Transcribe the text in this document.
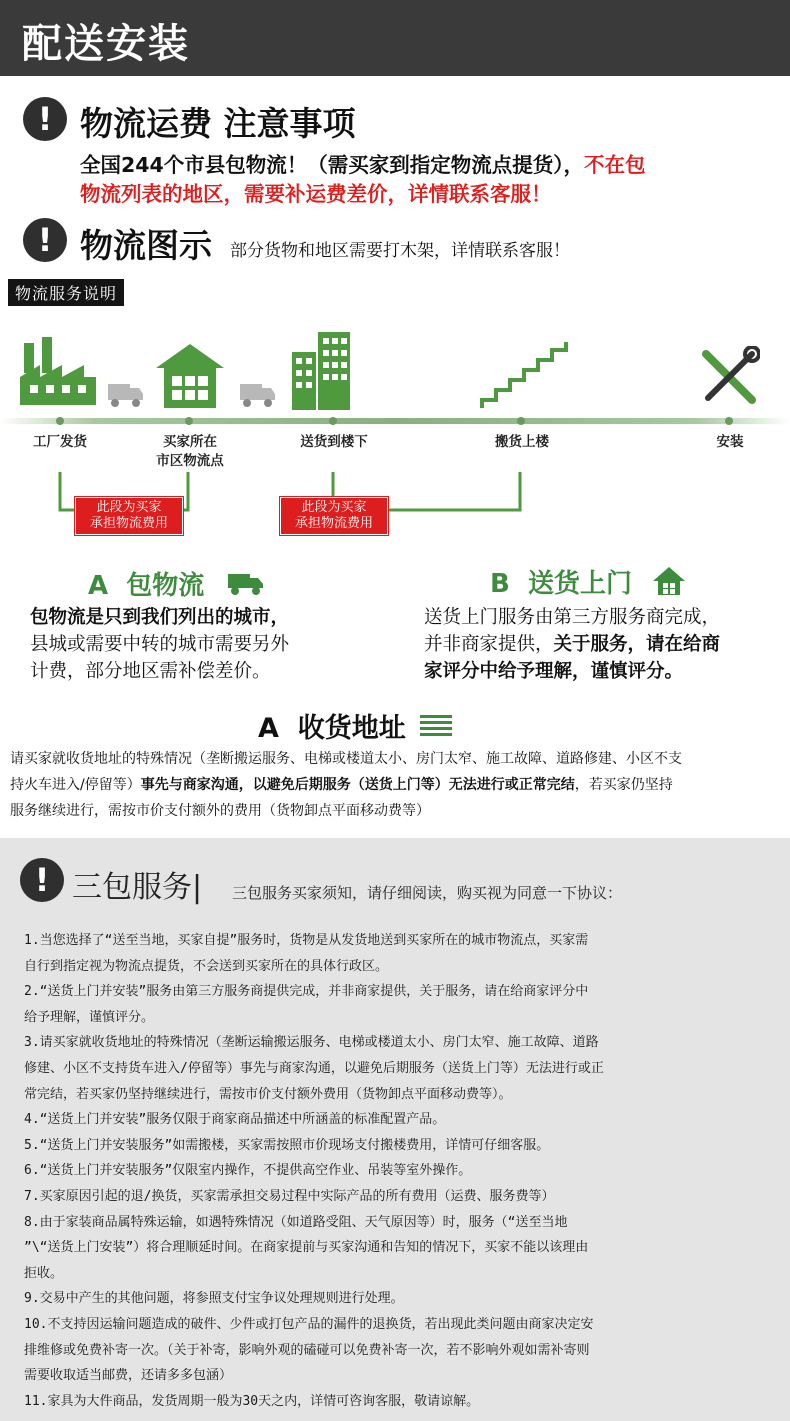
配送安装
! 物流运费 注意事项
全国244个市县包物流！（需买家到指定物流点提货），不在包
物流列表的地区，需要补运费差价，详情联系客服！
! 物流图示 部分货物和地区需要打木架，详情联系客服！
物流服务说明
工厂发货	买家所在
市区物流点
送货到楼下	搬货上楼	安装
此段为买家
承担物流费用
此段为买家
承担物流费用
A 包物流
包物流是只到我们列出的城市，
县城或需要中转的城市需要另外
计费，部分地区需补偿差价。
B 送货上门
送货上门服务由第三方服务商完成，
并非商家提供，关于服务，请在给商
家评分中给予理解，谨慎评分。
A 收货地址
请买家就收货地址的特殊情况（垄断搬运服务、电梯或楼道太小、房门太窄、施工故障、道路修建、小区不支
持火车进入/停留等）事先与商家沟通，以避免后期服务（送货上门等）无法进行或正常完结，若买家仍坚持
服务继续进行，需按市价支付额外的费用（货物卸点平面移动费等）
! 三包服务| 三包服务买家须知，请仔细阅读，购买视为同意一下协议：
1.当您选择了“送至当地，买家自提”服务时，货物是从发货地送到买家所在的城市物流点，买家需
自行到指定视为物流点提货，不会送到买家所在的具体行政区。
2.“送货上门并安装”服务由第三方服务商提供完成，并非商家提供，关于服务，请在给商家评分中
给予理解，谨慎评分。
3.请买家就收货地址的特殊情况（垄断运输搬运服务、电梯或楼道太小、房门太窄、施工故障、道路
修建、小区不支持货车进入/停留等）事先与商家沟通，以避免后期服务（送货上门等）无法进行或正
常完结，若买家仍坚持继续进行，需按市价支付额外费用（货物卸点平面移动费等）。
4.“送货上门并安装”服务仅限于商家商品描述中所涵盖的标准配置产品。
5.“送货上门并安装服务”如需搬楼，买家需按照市价现场支付搬楼费用，详情可仔细客服。
6.“送货上门并安装服务”仅限室内操作，不提供高空作业、吊装等室外操作。
7.买家原因引起的退/换货，买家需承担交易过程中实际产品的所有费用（运费、服务费等）
8.由于家装商品属特殊运输，如遇特殊情况（如道路受阻、天气原因等）时，服务（“送至当地
”\“送货上门安装”）将合理顺延时间。在商家提前与买家沟通和告知的情况下，买家不能以该理由
拒收。
9.交易中产生的其他问题，将参照支付宝争议处理规则进行处理。
10.不支持因运输问题造成的破件、少件或打包产品的漏件的退换货，若出现此类问题由商家决定安
排维修或免费补寄一次。（关于补寄，影响外观的磕碰可以免费补寄一次，若不影响外观如需补寄则
需要收取适当邮费，还请多多包涵）
11.家具为大件商品，发货周期一般为30天之内，详情可咨询客服，敬请谅解。
